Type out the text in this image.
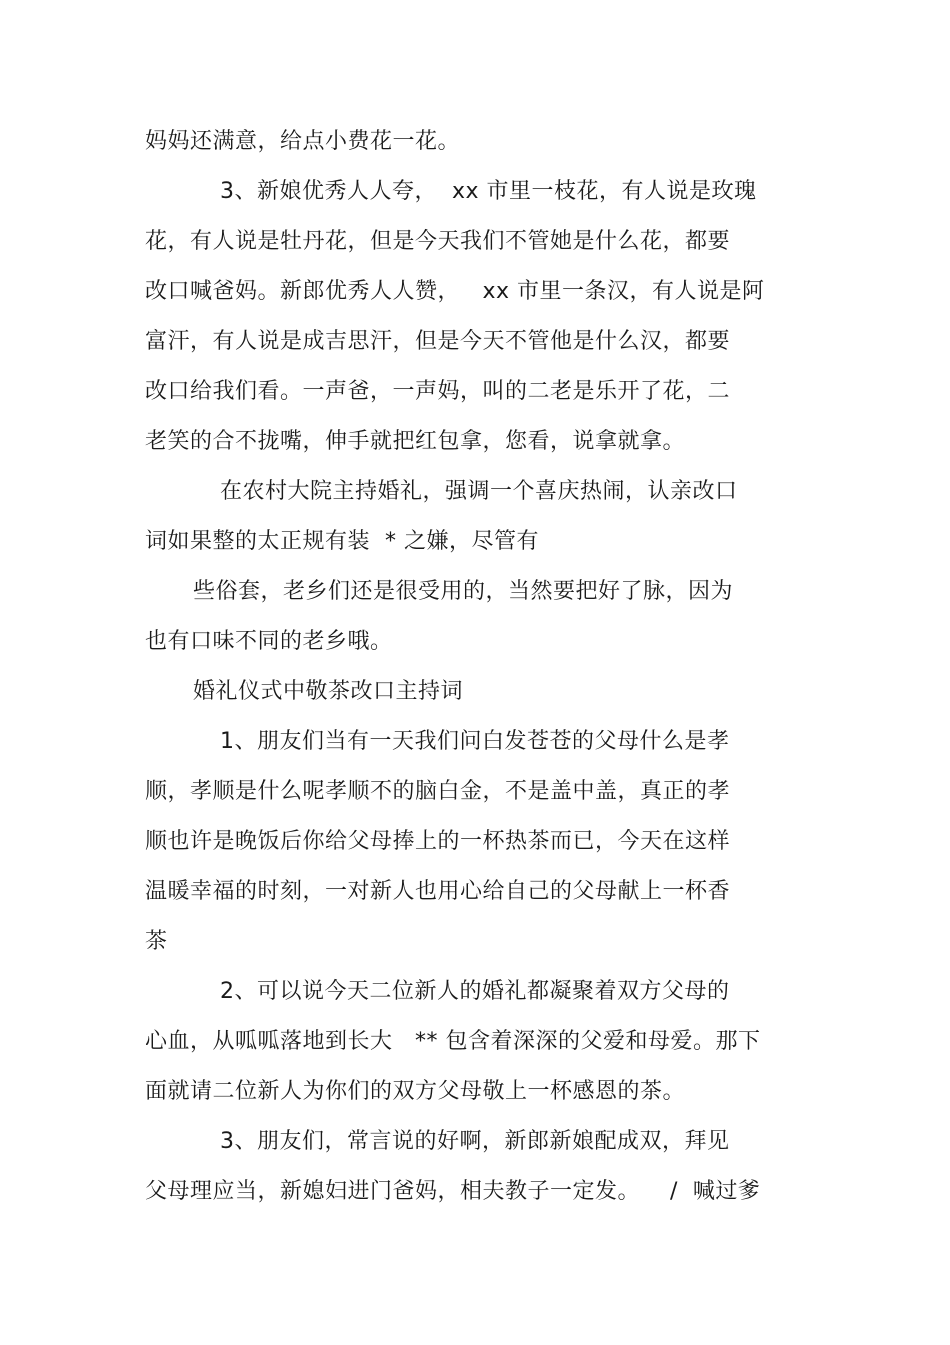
妈妈还满意，给点小费花一花。
3、新娘优秀人人夸，  xx 市里一枝花，有人说是玫瑰
花，有人说是牡丹花，但是今天我们不管她是什么花，都要
改口喊爸妈。新郎优秀人人赞，   xx 市里一条汉，有人说是阿
富汗，有人说是成吉思汗，但是今天不管他是什么汉，都要
改口给我们看。一声爸，一声妈，叫的二老是乐开了花，二
老笑的合不拢嘴，伸手就把红包拿，您看，说拿就拿。
在农村大院主持婚礼，强调一个喜庆热闹，认亲改口
词如果整的太正规有装  * 之嫌，尽管有
些俗套，老乡们还是很受用的，当然要把好了脉，因为
也有口味不同的老乡哦。
婚礼仪式中敬茶改口主持词
1、朋友们当有一天我们问白发苍苍的父母什么是孝
顺，孝顺是什么呢孝顺不的脑白金，不是盖中盖，真正的孝
顺也许是晚饭后你给父母捧上的一杯热茶而已，今天在这样
温暖幸福的时刻，一对新人也用心给自己的父母献上一杯香
茶
2、可以说今天二位新人的婚礼都凝聚着双方父母的
心血，从呱呱落地到长大   ** 包含着深深的父爱和母爱。那下
面就请二位新人为你们的双方父母敬上一杯感恩的茶。
3、朋友们，常言说的好啊，新郎新娘配成双，拜见
父母理应当，新媳妇进门爸妈，相夫教子一定发。    /  喊过爹
